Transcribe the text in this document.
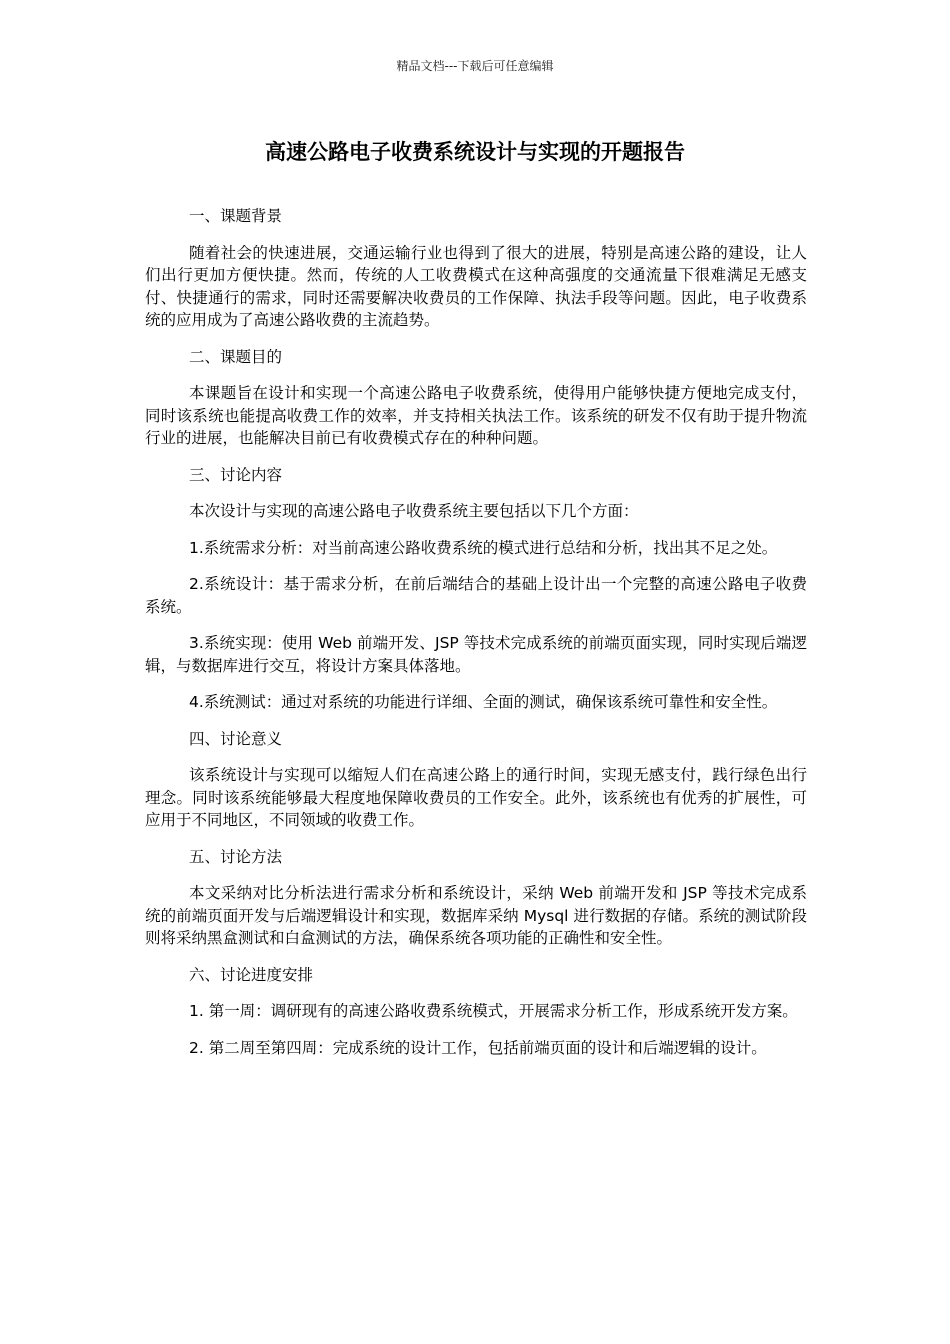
精品文档---下载后可任意编辑
高速公路电子收费系统设计与实现的开题报告

一、课题背景

随着社会的快速进展，交通运输行业也得到了很大的进展，特别是高速公路的建设，让人们出行更加方便快捷。然而，传统的人工收费模式在这种高强度的交通流量下很难满足无感支付、快捷通行的需求，同时还需要解决收费员的工作保障、执法手段等问题。因此，电子收费系统的应用成为了高速公路收费的主流趋势。

二、课题目的

本课题旨在设计和实现一个高速公路电子收费系统，使得用户能够快捷方便地完成支付，同时该系统也能提高收费工作的效率，并支持相关执法工作。该系统的研发不仅有助于提升物流行业的进展，也能解决目前已有收费模式存在的种种问题。

三、讨论内容

本次设计与实现的高速公路电子收费系统主要包括以下几个方面：

1.系统需求分析：对当前高速公路收费系统的模式进行总结和分析，找出其不足之处。

2.系统设计：基于需求分析，在前后端结合的基础上设计出一个完整的高速公路电子收费系统。

3.系统实现：使用 Web 前端开发、JSP 等技术完成系统的前端页面实现，同时实现后端逻辑，与数据库进行交互，将设计方案具体落地。

4.系统测试：通过对系统的功能进行详细、全面的测试，确保该系统可靠性和安全性。

四、讨论意义

该系统设计与实现可以缩短人们在高速公路上的通行时间，实现无感支付，践行绿色出行理念。同时该系统能够最大程度地保障收费员的工作安全。此外，该系统也有优秀的扩展性，可应用于不同地区，不同领域的收费工作。

五、讨论方法

本文采纳对比分析法进行需求分析和系统设计，采纳 Web 前端开发和 JSP 等技术完成系统的前端页面开发与后端逻辑设计和实现，数据库采纳 Mysql 进行数据的存储。系统的测试阶段则将采纳黑盒测试和白盒测试的方法，确保系统各项功能的正确性和安全性。

六、讨论进度安排

1. 第一周：调研现有的高速公路收费系统模式，开展需求分析工作，形成系统开发方案。

2. 第二周至第四周：完成系统的设计工作，包括前端页面的设计和后端逻辑的设计。
